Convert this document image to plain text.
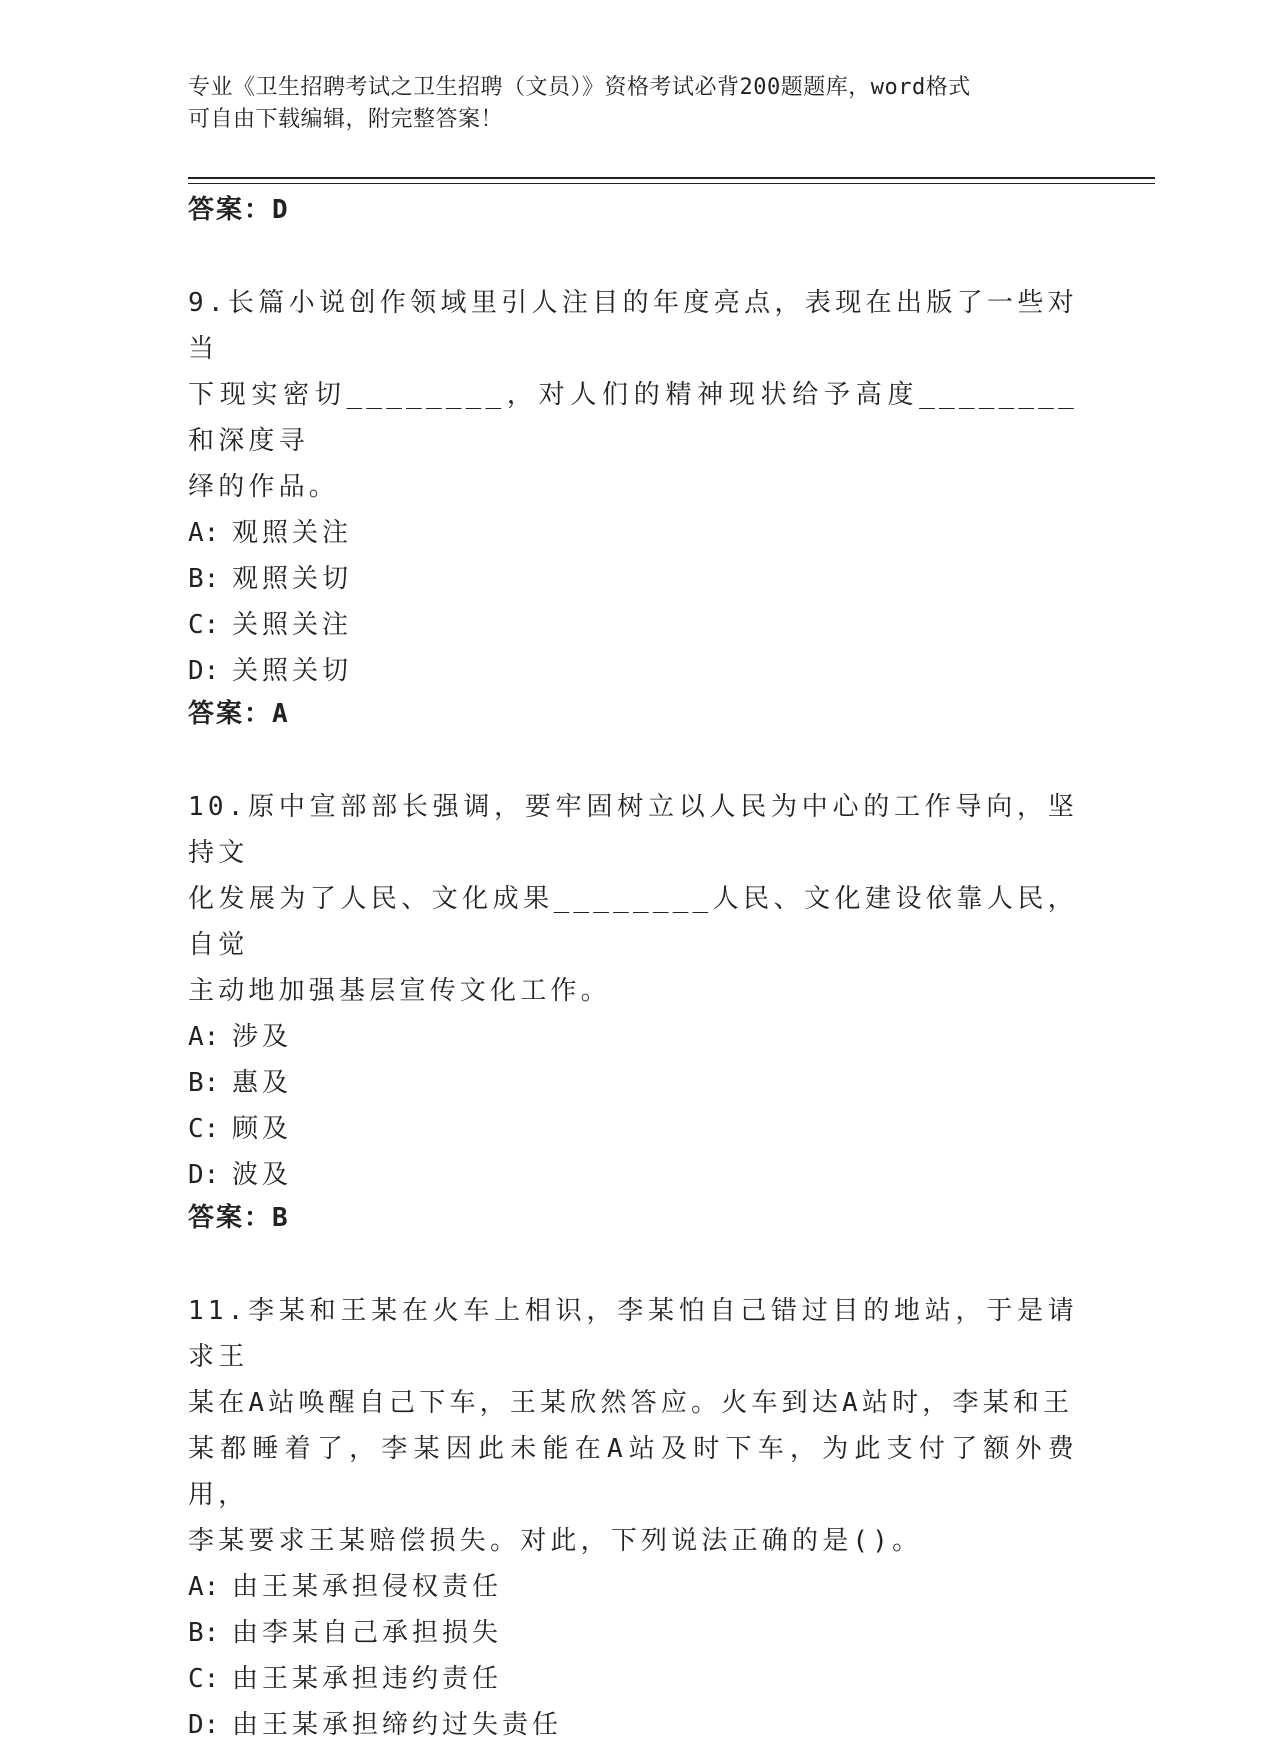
专业《卫生招聘考试之卫生招聘（文员）》资格考试必背200题题库，word格式
可自由下载编辑，附完整答案！
答案：D
9.长篇小说创作领域里引人注目的年度亮点，表现在出版了一些对当
下现实密切________，对人们的精神现状给予高度________和深度寻
绎的作品。
A: 观照关注
B: 观照关切
C: 关照关注
D: 关照关切
答案：A
10.原中宣部部长强调，要牢固树立以人民为中心的工作导向，坚持文
化发展为了人民、文化成果________人民、文化建设依靠人民，自觉
主动地加强基层宣传文化工作。
A: 涉及
B: 惠及
C: 顾及
D: 波及
答案：B
11.李某和王某在火车上相识，李某怕自己错过目的地站，于是请求王
某在A站唤醒自己下车，王某欣然答应。火车到达A站时，李某和王
某都睡着了，李某因此未能在A站及时下车，为此支付了额外费用，
李某要求王某赔偿损失。对此，下列说法正确的是()。
A: 由王某承担侵权责任
B: 由李某自己承担损失
C: 由王某承担违约责任
D: 由王某承担缔约过失责任
